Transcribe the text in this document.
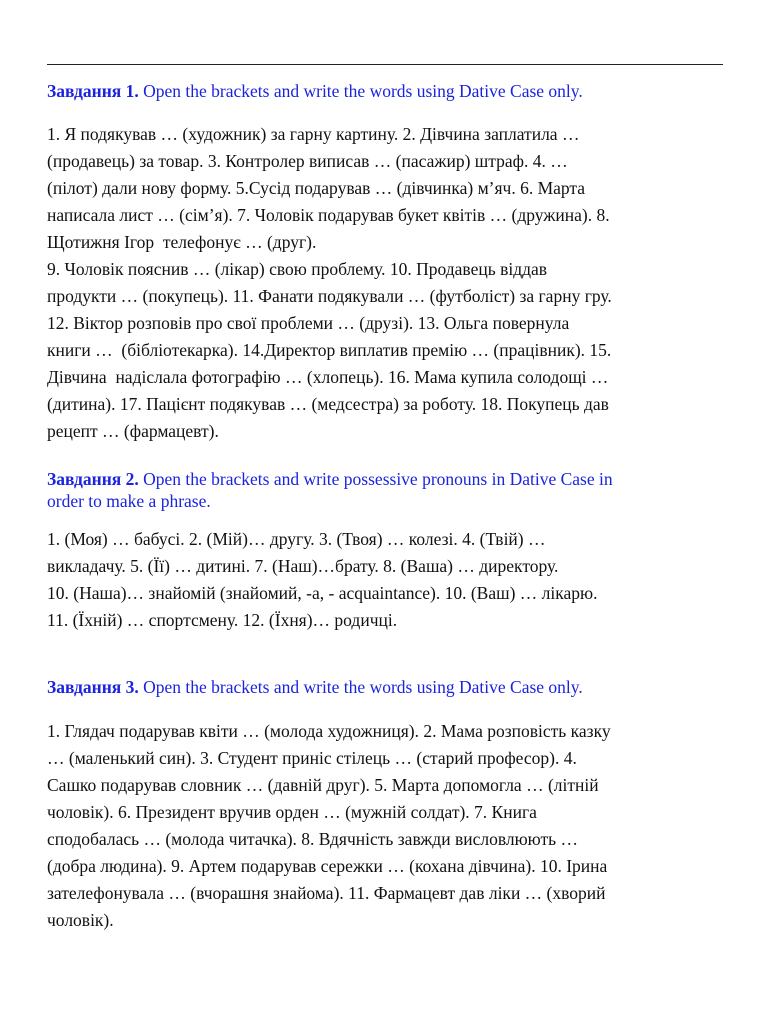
Завдання 1. Open the brackets and write the words using Dative Case only.

1. Я подякував … (художник) за гарну картину. 2. Дівчина заплатила …
(продавець) за товар. 3. Контролер виписав … (пасажир) штраф. 4. …
(пілот) дали нову форму. 5.Сусід подарував … (дівчинка) м’яч. 6. Марта
написала лист … (сім’я). 7. Чоловік подарував букет квітів … (дружина). 8.
Щотижня Ігор  телефонує … (друг).
9. Чоловік пояснив … (лікар) свою проблему. 10. Продавець віддав
продукти … (покупець). 11. Фанати подякували … (футболіст) за гарну гру.
12. Віктор розповів про свої проблеми … (друзі). 13. Ольга повернула
книги …  (бібліотекарка). 14.Директор виплатив премію … (працівник). 15.
Дівчина  надіслала фотографію … (хлопець). 16. Мама купила солодощі …
(дитина). 17. Пацієнт подякував … (медсестра) за роботу. 18. Покупець дав
рецепт … (фармацевт).

Завдання 2. Open the brackets and write possessive pronouns in Dative Case in
order to make a phrase.

1. (Моя) … бабусі. 2. (Мій)… другу. 3. (Твоя) … колезі. 4. (Твій) …
викладачу. 5. (Її) … дитині. 7. (Наш)…брату. 8. (Ваша) … директору.
10. (Наша)… знайомій (знайомий, -а, - acquaintance). 10. (Ваш) … лікарю.
11. (Їхній) … спортсмену. 12. (Їхня)… родичці.

Завдання 3. Open the brackets and write the words using Dative Case only.

1. Глядач подарував квіти … (молода художниця). 2. Мама розповість казку
… (маленький син). 3. Студент приніс стілець … (старий професор). 4.
Сашко подарував словник … (давній друг). 5. Марта допомогла … (літній
чоловік). 6. Президент вручив орден … (мужній солдат). 7. Книга
сподобалась … (молода читачка). 8. Вдячність завжди висловлюють …
(добра людина). 9. Артем подарував сережки … (кохана дівчина). 10. Ірина
зателефонувала … (вчорашня знайома). 11. Фармацевт дав ліки … (хворий
чоловік).
